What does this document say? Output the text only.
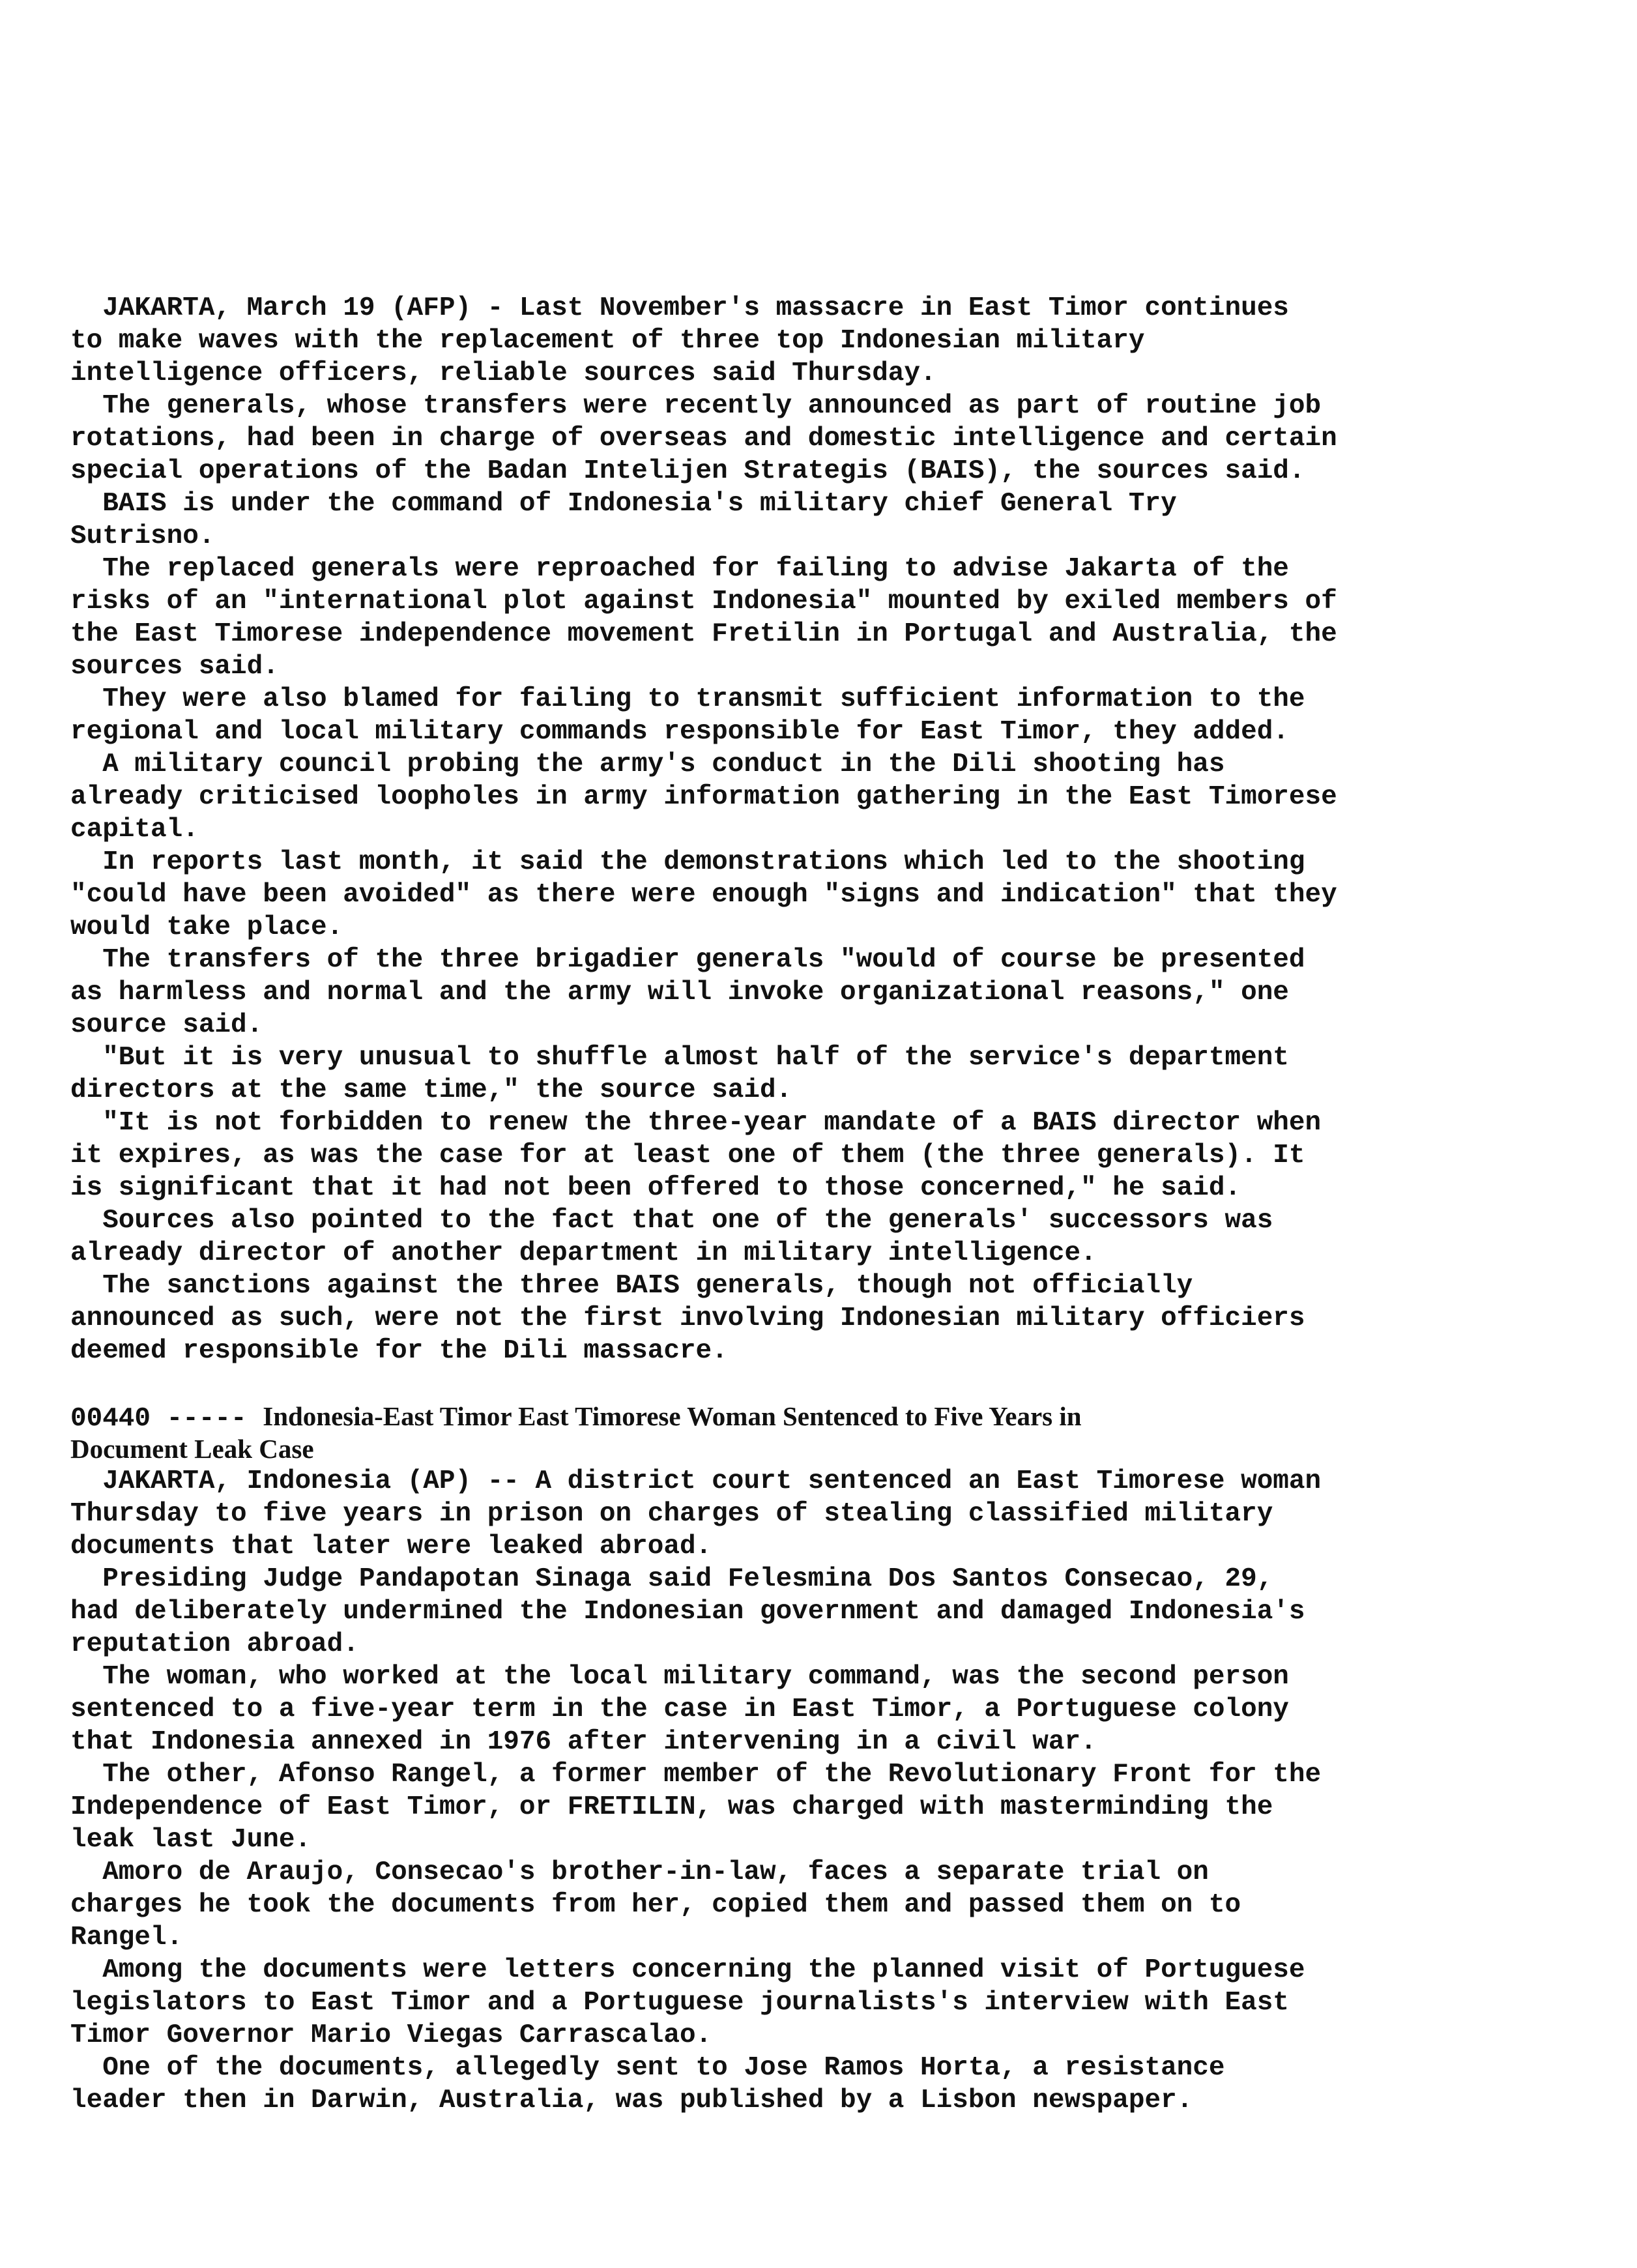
JAKARTA, March 19 (AFP) - Last November's massacre in East Timor continues
to make waves with the replacement of three top Indonesian military
intelligence officers, reliable sources said Thursday.
The generals, whose transfers were recently announced as part of routine job
rotations, had been in charge of overseas and domestic intelligence and certain
special operations of the Badan Intelijen Strategis (BAIS), the sources said.
BAIS is under the command of Indonesia's military chief General Try
Sutrisno.
The replaced generals were reproached for failing to advise Jakarta of the
risks of an "international plot against Indonesia" mounted by exiled members of
the East Timorese independence movement Fretilin in Portugal and Australia, the
sources said.
They were also blamed for failing to transmit sufficient information to the
regional and local military commands responsible for East Timor, they added.
A military council probing the army's conduct in the Dili shooting has
already criticised loopholes in army information gathering in the East Timorese
capital.
In reports last month, it said the demonstrations which led to the shooting
"could have been avoided" as there were enough "signs and indication" that they
would take place.
The transfers of the three brigadier generals "would of course be presented
as harmless and normal and the army will invoke organizational reasons," one
source said.
"But it is very unusual to shuffle almost half of the service's department
directors at the same time," the source said.
"It is not forbidden to renew the three-year mandate of a BAIS director when
it expires, as was the case for at least one of them (the three generals). It
is significant that it had not been offered to those concerned," he said.
Sources also pointed to the fact that one of the generals' successors was
already director of another department in military intelligence.
The sanctions against the three BAIS generals, though not officially
announced as such, were not the first involving Indonesian military officiers
deemed responsible for the Dili massacre.
00440 ----- Indonesia-East Timor East Timorese Woman Sentenced to Five Years in
Document Leak Case
JAKARTA, Indonesia (AP) -- A district court sentenced an East Timorese woman
Thursday to five years in prison on charges of stealing classified military
documents that later were leaked abroad.
Presiding Judge Pandapotan Sinaga said Felesmina Dos Santos Consecao, 29,
had deliberately undermined the Indonesian government and damaged Indonesia's
reputation abroad.
The woman, who worked at the local military command, was the second person
sentenced to a five-year term in the case in East Timor, a Portuguese colony
that Indonesia annexed in 1976 after intervening in a civil war.
The other, Afonso Rangel, a former member of the Revolutionary Front for the
Independence of East Timor, or FRETILIN, was charged with masterminding the
leak last June.
Amoro de Araujo, Consecao's brother-in-law, faces a separate trial on
charges he took the documents from her, copied them and passed them on to
Rangel.
Among the documents were letters concerning the planned visit of Portuguese
legislators to East Timor and a Portuguese journalists's interview with East
Timor Governor Mario Viegas Carrascalao.
One of the documents, allegedly sent to Jose Ramos Horta, a resistance
leader then in Darwin, Australia, was published by a Lisbon newspaper.
